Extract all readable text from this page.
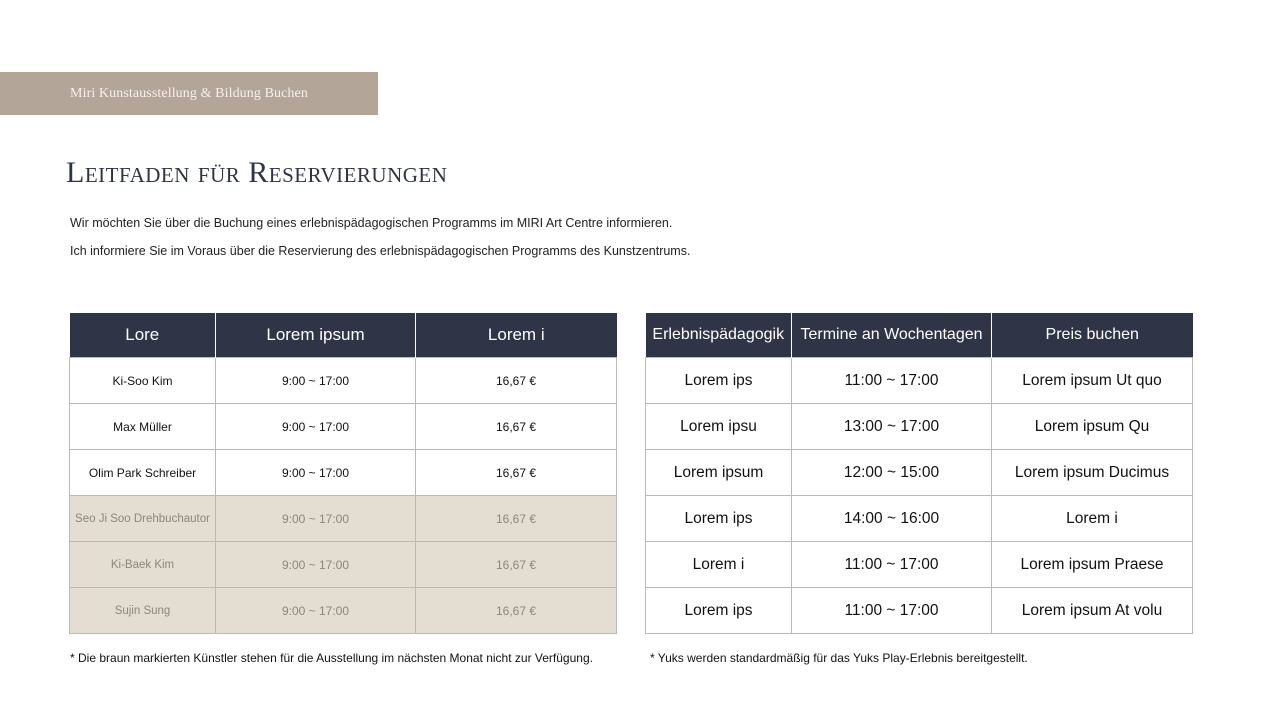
Miri Kunstausstellung & Bildung Buchen
Leitfaden für Reservierungen

Wir möchten Sie über die Buchung eines erlebnispädagogischen Programms im MIRI Art Centre informieren.

Ich informiere Sie im Voraus über die Reservierung des erlebnispädagogischen Programms des Kunstzentrums.

Lore	Lorem ipsum	Lorem i
Ki-Soo Kim	9:00 ~ 17:00	16,67 €
Max Müller	9:00 ~ 17:00	16,67 €
Olim Park Schreiber	9:00 ~ 17:00	16,67 €
Seo Ji Soo Drehbuchautor	9:00 ~ 17:00	16,67 €
Ki-Baek Kim	9:00 ~ 17:00	16,67 €
Sujin Sung	9:00 ~ 17:00	16,67 €
Erlebnispädagogik	Termine an Wochentagen	Preis buchen
Lorem ips	11:00 ~ 17:00	Lorem ipsum Ut quo
Lorem ipsu	13:00 ~ 17:00	Lorem ipsum Qu
Lorem ipsum	12:00 ~ 15:00	Lorem ipsum Ducimus
Lorem ips	14:00 ~ 16:00	Lorem i
Lorem i	11:00 ~ 17:00	Lorem ipsum Praese
Lorem ips	11:00 ~ 17:00	Lorem ipsum At volu

* Die braun markierten Künstler stehen für die Ausstellung im nächsten Monat nicht zur Verfügung.	* Yuks werden standardmäßig für das Yuks Play-Erlebnis bereitgestellt.
